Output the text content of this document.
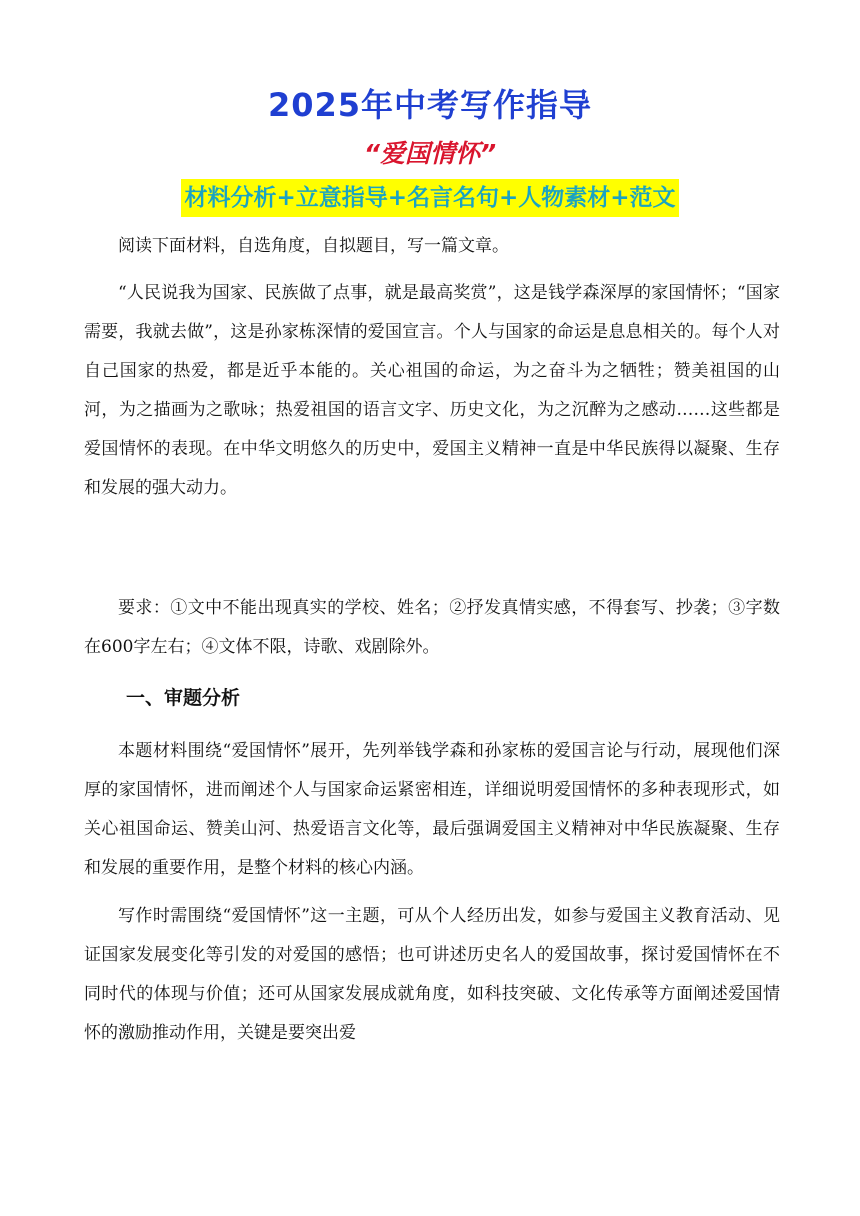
2025年中考写作指导
“爱国情怀”
材料分析+立意指导+名言名句+人物素材+范文

阅读下面材料，自选角度，自拟题目，写一篇文章。

“人民说我为国家、民族做了点事，就是最高奖赏”，这是钱学森深厚的家国情怀；“国家需要，我就去做”，这是孙家栋深情的爱国宣言。个人与国家的命运是息息相关的。每个人对自己国家的热爱，都是近乎本能的。关心祖国的命运，为之奋斗为之牺牲；赞美祖国的山河，为之描画为之歌咏；热爱祖国的语言文字、历史文化，为之沉醉为之感动……这些都是爱国情怀的表现。在中华文明悠久的历史中，爱国主义精神一直是中华民族得以凝聚、生存和发展的强大动力。

要求：①文中不能出现真实的学校、姓名；②抒发真情实感，不得套写、抄袭；③字数在600字左右；④文体不限，诗歌、戏剧除外。

一、审题分析

本题材料围绕“爱国情怀”展开，先列举钱学森和孙家栋的爱国言论与行动，展现他们深厚的家国情怀，进而阐述个人与国家命运紧密相连，详细说明爱国情怀的多种表现形式，如关心祖国命运、赞美山河、热爱语言文化等，最后强调爱国主义精神对中华民族凝聚、生存和发展的重要作用，是整个材料的核心内涵。

写作时需围绕“爱国情怀”这一主题，可从个人经历出发，如参与爱国主义教育活动、见证国家发展变化等引发的对爱国的感悟；也可讲述历史名人的爱国故事，探讨爱国情怀在不同时代的体现与价值；还可从国家发展成就角度，如科技突破、文化传承等方面阐述爱国情怀的激励推动作用，关键是要突出爱
